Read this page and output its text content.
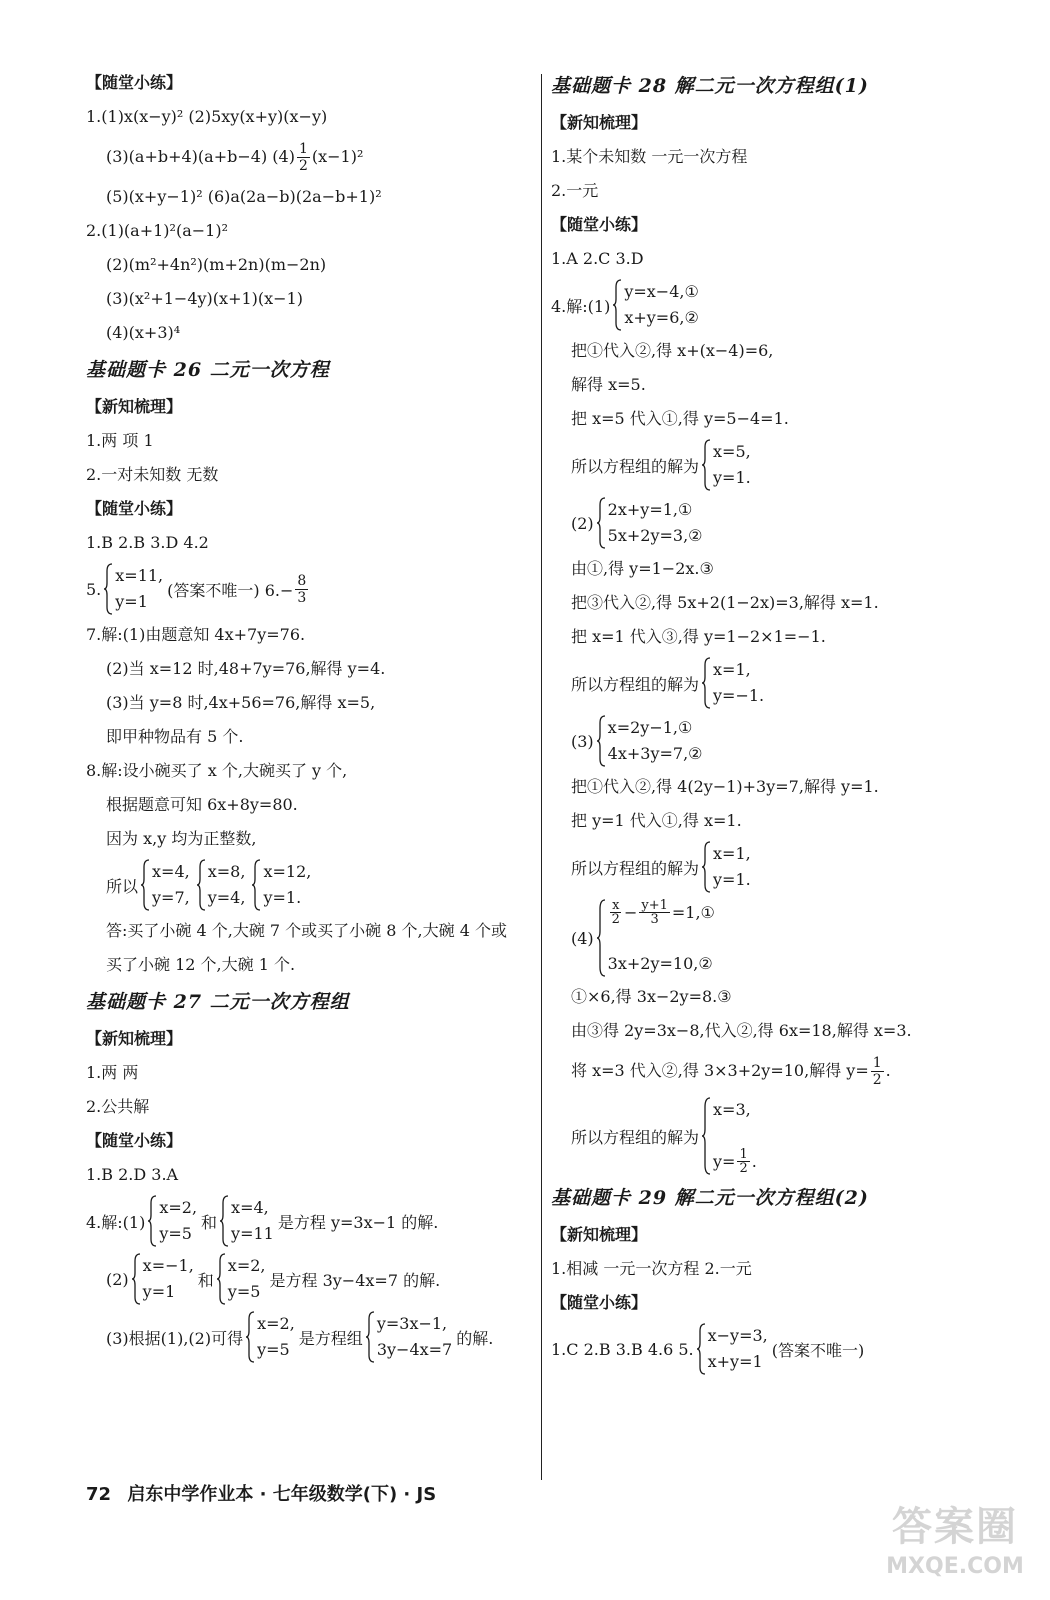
【随堂小练】
1.(1)x(x−y)² (2)5xy(x+y)(x−y)
(3)(a+b+4)(a+b−4) $(4) \frac{1}{2} (x-1)^2$
(5)(x+y−1)² (6)a(2a−b)(2a−b+1)²
2.(1)(a+1)²(a−1)²
(2)(m²+4n²)(m+2n)(m−2n)
(3)(x²+1−4y)(x+1)(x−1)
(4)(x+3)⁴
基础题卡 26 二元一次方程
【新知梳理】
1.两 项 1
2.一对未知数 无数
【随堂小练】
1.B 2.B 3.D 4.2
5.
x=11,
y=1
(答案不唯一) $6.- \frac{8}{3}$
7.解:(1)由题意知 4x+7y=76.
(2)当 x=12 时,48+7y=76,解得 y=4.
(3)当 y=8 时,4x+56=76,解得 x=5,
即甲种物品有 5 个.
8.解:设小碗买了 x 个,大碗买了 y 个,
根据题意可知 6x+8y=80.
因为 x,y 均为正整数,
所以
x=4,
y=7,
x=8,
y=4,
x=12,
y=1.
答:买了小碗 4 个,大碗 7 个或买了小碗 8 个,大碗 4 个或
买了小碗 12 个,大碗 1 个.
基础题卡 27 二元一次方程组
【新知梳理】
1.两 两
2.公共解
【随堂小练】
1.B 2.D 3.A
4.解:(1)
x=2,
y=5
和
x=4,
y=11
是方程 y=3x−1 的解.
(2)
x=−1,
y=1
和
x=2,
y=5
是方程 3y−4x=7 的解.
(3)根据(1),(2)可得
x=2,
y=5
是方程组
y=3x−1,
3y−4x=7
的解.
基础题卡 28 解二元一次方程组(1)
【新知梳理】
1.某个未知数 一元一次方程
2.一元
【随堂小练】
1.A 2.C 3.D
4.解:(1)
y=x−4,①
x+y=6,②
把①代入②,得 x+(x−4)=6,
解得 x=5.
把 x=5 代入①,得 y=5−4=1.
所以方程组的解为
x=5,
y=1.
(2)
2x+y=1,①
5x+2y=3,②
由①,得 y=1−2x.③
把③代入②,得 5x+2(1−2x)=3,解得 x=1.
把 x=1 代入③,得 y=1−2×1=−1.
所以方程组的解为
x=1,
y=−1.
(3)
x=2y−1,①
4x+3y=7,②
把①代入②,得 4(2y−1)+3y=7,解得 y=1.
把 y=1 代入①,得 x=1.
所以方程组的解为
x=1,
y=1.
(4)
$\frac{x}{2} - \frac{y+1}{3}$ =1,①
3x+2y=10,②
①×6,得 3x−2y=8.③
由③得 2y=3x−8,代入②,得 6x=18,解得 x=3.
将 x=3 代入②,得 3×3+2y=10,解得 $y= \frac{1}{2}$ .
所以方程组的解为
x=3,
$y= \frac{1}{2}$ .
基础题卡 29 解二元一次方程组(2)
【新知梳理】
1.相减 一元一次方程 2.一元
【随堂小练】
1.C 2.B 3.B 4.6 5.
x−y=3,
x+y=1
(答案不唯一)
72 启东中学作业本 · 七年级数学(下) · JS
答案圈
MXQE.COM
